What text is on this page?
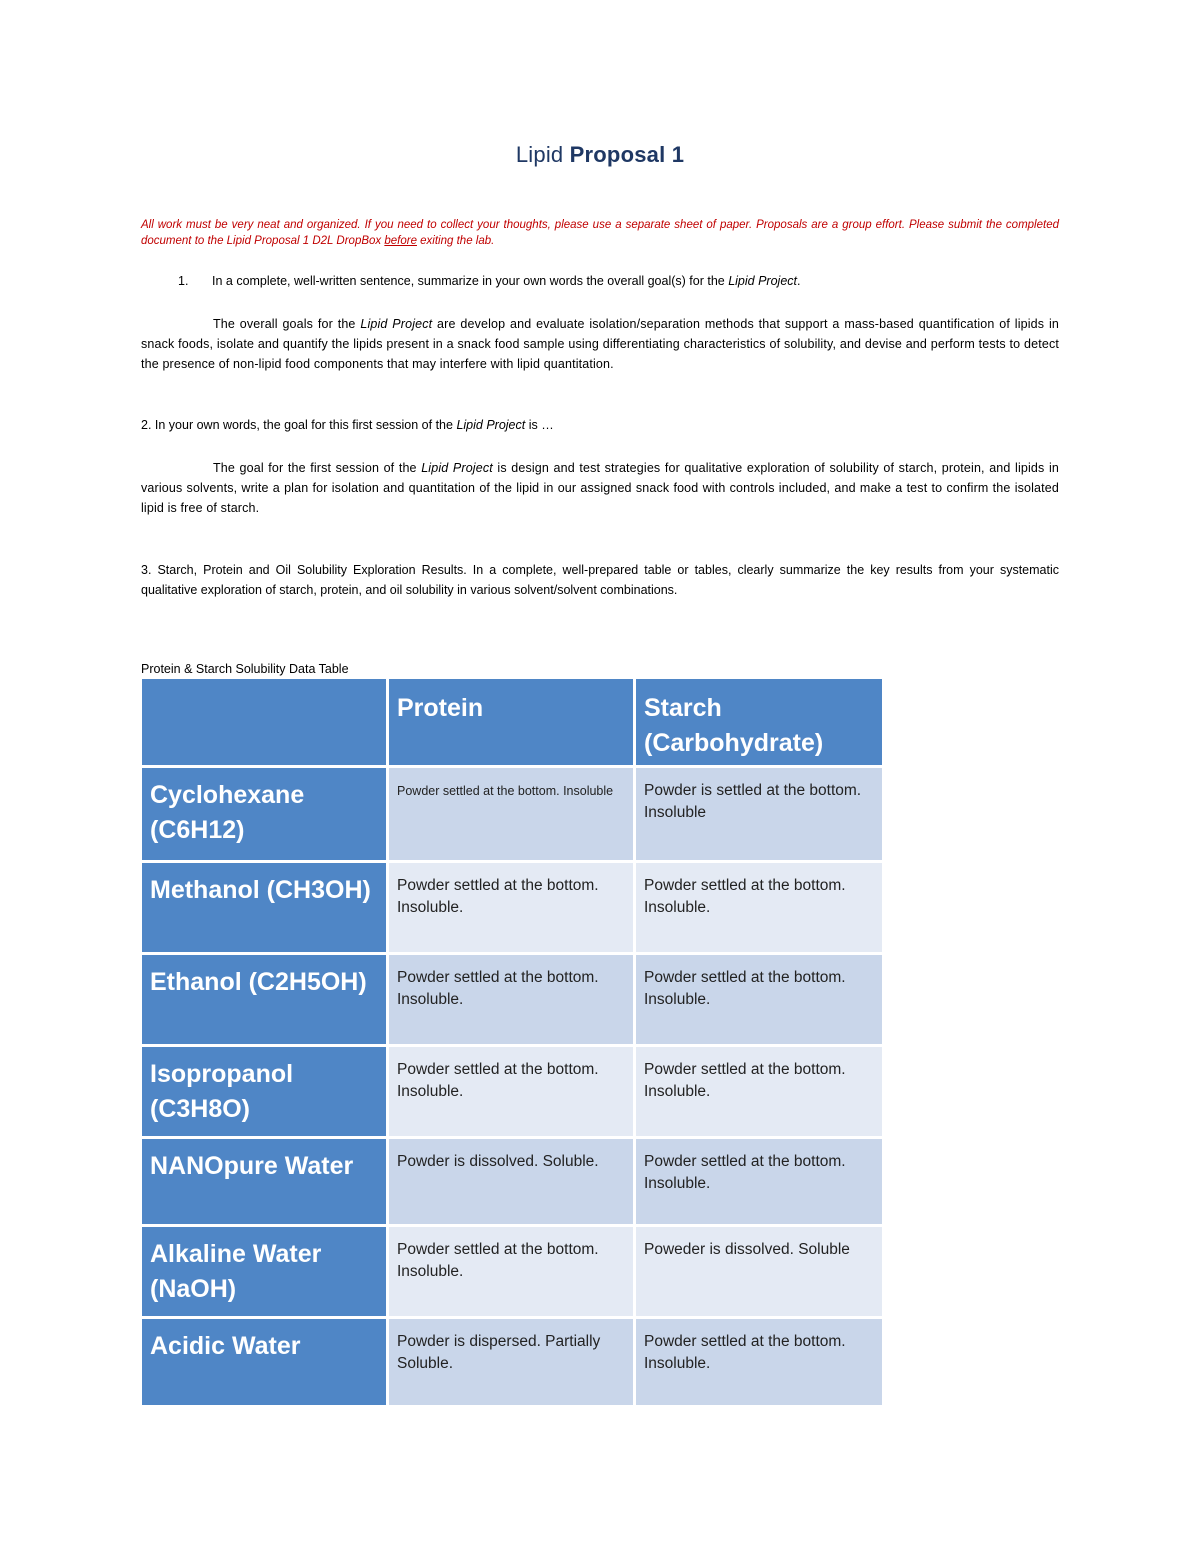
Lipid Proposal 1
All work must be very neat and organized. If you need to collect your thoughts, please use a separate sheet of paper. Proposals are a group effort. Please submit the completed document to the Lipid Proposal 1 D2L DropBox before exiting the lab.
1. In a complete, well-written sentence, summarize in your own words the overall goal(s) for the Lipid Project.
The overall goals for the Lipid Project are develop and evaluate isolation/separation methods that support a mass-based quantification of lipids in snack foods, isolate and quantify the lipids present in a snack food sample using differentiating characteristics of solubility, and devise and perform tests to detect the presence of non-lipid food components that may interfere with lipid quantitation.
2. In your own words, the goal for this first session of the Lipid Project is …
The goal for the first session of the Lipid Project is design and test strategies for qualitative exploration of solubility of starch, protein, and lipids in various solvents, write a plan for isolation and quantitation of the lipid in our assigned snack food with controls included, and make a test to confirm the isolated lipid is free of starch.
3. Starch, Protein and Oil Solubility Exploration Results. In a complete, well-prepared table or tables, clearly summarize the key results from your systematic qualitative exploration of starch, protein, and oil solubility in various solvent/solvent combinations.
Protein & Starch Solubility Data Table
	Protein	Starch (Carbohydrate)
Cyclohexane (C6H12)	Powder settled at the bottom. Insoluble	Powder is settled at the bottom. Insoluble
Methanol (CH3OH)	Powder settled at the bottom. Insoluble.	Powder settled at the bottom. Insoluble.
Ethanol (C2H5OH)	Powder settled at the bottom. Insoluble.	Powder settled at the bottom. Insoluble.
Isopropanol (C3H8O)	Powder settled at the bottom. Insoluble.	Powder settled at the bottom. Insoluble.
NANOpure Water	Powder is dissolved. Soluble.	Powder settled at the bottom. Insoluble.
Alkaline Water (NaOH)	Powder settled at the bottom. Insoluble.	Poweder is dissolved. Soluble
Acidic Water	Powder is dispersed. Partially Soluble.	Powder settled at the bottom. Insoluble.
